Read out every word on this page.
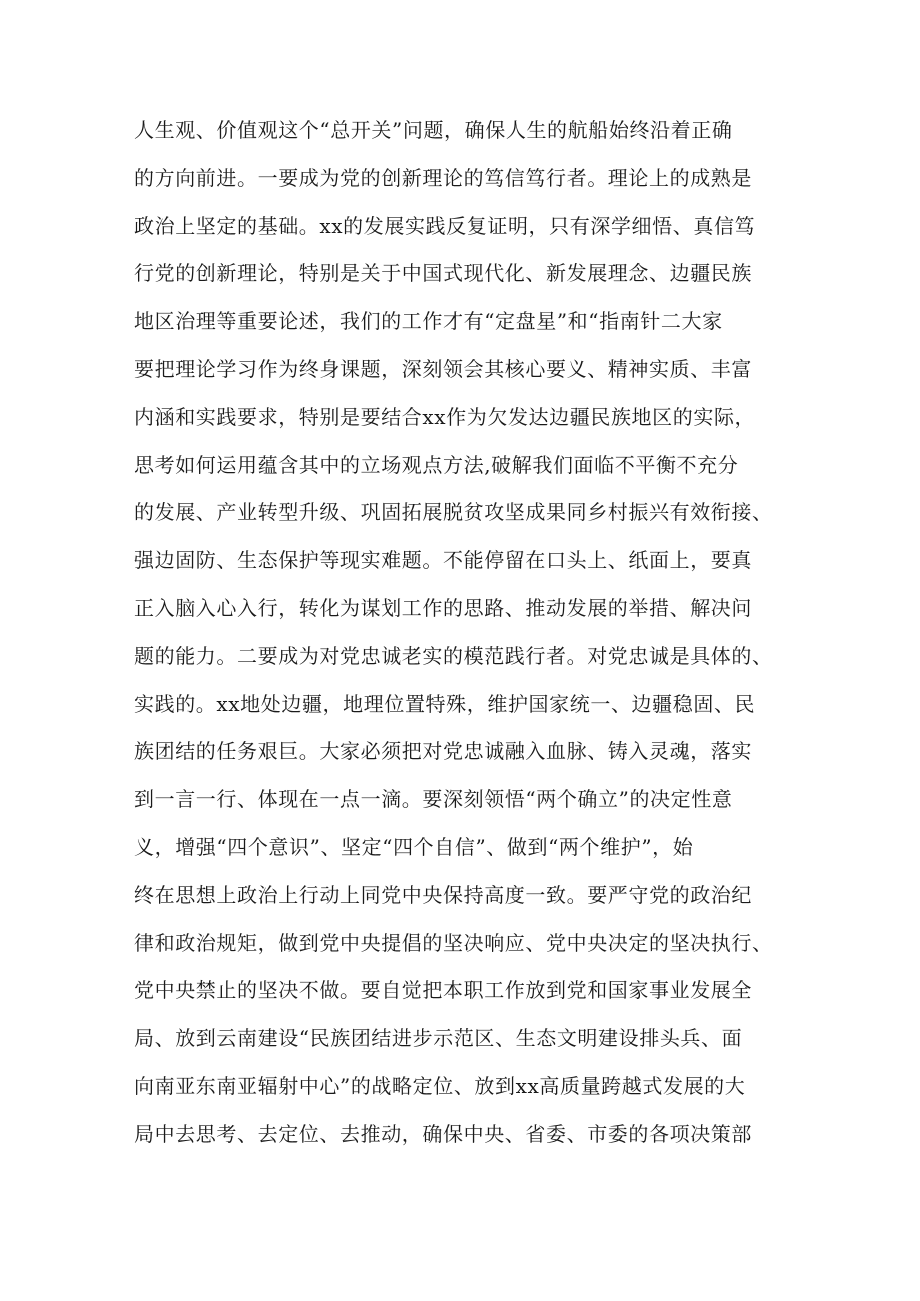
人生观、价值观这个“总开关”问题，确保人生的航船始终沿着正确
的方向前进。一要成为党的创新理论的笃信笃行者。理论上的成熟是
政治上坚定的基础。xx的发展实践反复证明，只有深学细悟、真信笃
行党的创新理论，特别是关于中国式现代化、新发展理念、边疆民族
地区治理等重要论述，我们的工作才有“定盘星”和“指南针二大家
要把理论学习作为终身课题，深刻领会其核心要义、精神实质、丰富
内涵和实践要求，特别是要结合xx作为欠发达边疆民族地区的实际，
思考如何运用蕴含其中的立场观点方法,破解我们面临不平衡不充分
的发展、产业转型升级、巩固拓展脱贫攻坚成果同乡村振兴有效衔接、
强边固防、生态保护等现实难题。不能停留在口头上、纸面上，要真
正入脑入心入行，转化为谋划工作的思路、推动发展的举措、解决问
题的能力。二要成为对党忠诚老实的模范践行者。对党忠诚是具体的、
实践的。xx地处边疆，地理位置特殊，维护国家统一、边疆稳固、民
族团结的任务艰巨。大家必须把对党忠诚融入血脉、铸入灵魂，落实
到一言一行、体现在一点一滴。要深刻领悟“两个确立”的决定性意
义，增强“四个意识”、坚定“四个自信”、做到“两个维护”，始
终在思想上政治上行动上同党中央保持高度一致。要严守党的政治纪
律和政治规矩，做到党中央提倡的坚决响应、党中央决定的坚决执行、
党中央禁止的坚决不做。要自觉把本职工作放到党和国家事业发展全
局、放到云南建设“民族团结进步示范区、生态文明建设排头兵、面
向南亚东南亚辐射中心”的战略定位、放到xx高质量跨越式发展的大
局中去思考、去定位、去推动，确保中央、省委、市委的各项决策部
